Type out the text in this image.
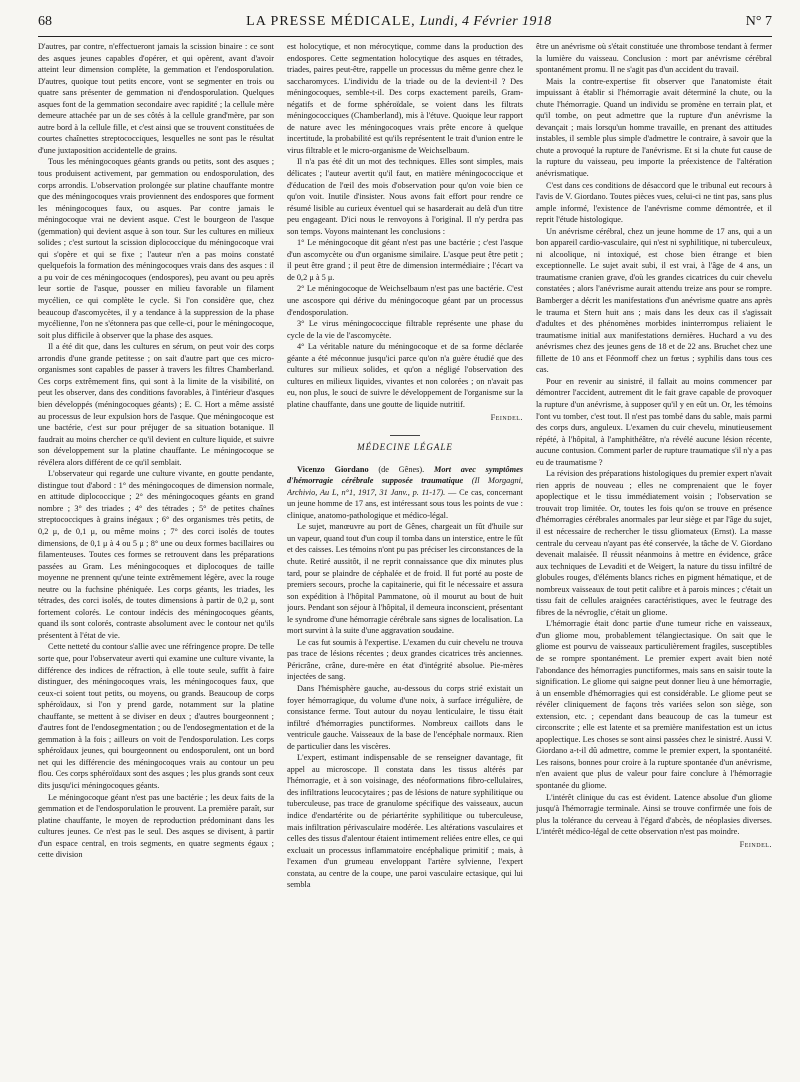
68	LA PRESSE MÉDICALE, Lundi, 4 Février 1918	N° 7

D'autres, par contre, n'effectueront jamais la scission binaire : ce sont des asques jeunes capables d'opérer, et qui opèrent, avant d'avoir atteint leur dimension complète, la gemmation et l'endosporulation. D'autres, quoique tout petits encore, vont se segmenter en trois ou quatre sans présenter de gemmation ni d'endosporulation. Quelques asques font de la gemmation secondaire avec rapidité ; la cellule mère demeure attachée par un de ses côtés à la cellule grand'mère, par son autre bord à la cellule fille, et c'est ainsi que se trouvent constituées de courtes chaînettes streptococciques, lesquelles ne sont pas le résultat d'une juxtaposition accidentelle de grains.

Tous les méningocoques géants grands ou petits, sont des asques ; tous produisent activement, par gemmation ou endosporulation, des corps arrondis. L'observation prolongée sur platine chauffante montre que des méningocoques vrais proviennent des endospores que forment les méningocoques faux, ou asques. Par contre jamais le méningocoque vrai ne devient asque. C'est le bourgeon de l'asque (gemmation) qui devient asque à son tour. Sur les cultures en milieux solides ; c'est surtout la scission diplococcique du méningocoque vrai qui s'opère et qui se fixe ; l'auteur n'en a pas moins constaté quelquefois la formation des méningocoques vrais dans des asques : il a pu voir de ces méningocoques (endospores), peu avant ou peu après leur sortie de l'asque, pousser en milieu favorable un filament mycélien, ce qui complète le cycle. Si l'on considère que, chez beaucoup d'ascomycètes, il y a tendance à la suppression de la phase mycélienne, l'on ne s'étonnera pas que celle-ci, pour le méningocoque, soit plus difficile à observer que la phase des asques.

Il a été dit que, dans les cultures en sérum, on peut voir des corps arrondis d'une grande petitesse ; on sait d'autre part que ces micro-organismes sont capables de passer à travers les filtres Chamberland. Ces corps extrêmement fins, qui sont à la limite de la visibilité, on peut les observer, dans des conditions favorables, à l'intérieur d'asques bien développés (méningocoques géants) ; E. C. Hort a même assisté au processus de leur expulsion hors de l'asque. Que méningocoque est une bactérie, c'est sur pour préjuger de sa situation botanique. Il faudrait au moins chercher ce qu'il devient en culture liquide, et suivre son développement sur la platine chauffante. Le méningocoque se révélera alors différent de ce qu'il semblait.

L'observateur qui regarde une culture vivante, en goutte pendante, distingue tout d'abord : 1° des méningocoques de dimension normale, en attitude diplococcique ; 2° des méningocoques géants en grand nombre ; 3° des triades ; 4° des tétrades ; 5° de petites chaînes streptococciques à grains inégaux ; 6° des organismes très petits, de 0,2 μ, de 0,1 μ, ou même moins ; 7° des corci isolés de toutes dimensions, de 0,1 μ à 4 ou 5 μ ; 8° une ou deux formes bacillaires ou filamenteuses. Toutes ces formes se retrouvent dans les préparations passées au Gram. Les méningocoques et diplocoques de taille moyenne ne prennent qu'une teinte extrêmement légère, avec la rouge neutre ou la fuchsine phéniquée. Les corps géants, les triades, les tétrades, des corci isolés, de toutes dimensions à partir de 0,2 μ, sont fortement colorés. Le contour indécis des méningocoques géants, quand ils sont colorés, contraste absolument avec le contour net qu'ils présentent à l'état de vie.

Cette netteté du contour s'allie avec une réfringence propre. De telle sorte que, pour l'observateur averti qui examine une culture vivante, la différence des indices de réfraction, à elle toute seule, suffit à faire distinguer, des méningocoques vrais, les méningocoques faux, que ceux-ci soient tout petits, ou moyens, ou grands. Beaucoup de corps sphéroïdaux, si l'on y prend garde, notamment sur la platine chauffante, se mettent à se diviser en deux ; d'autres bourgeonnent ; d'autres font de l'endosegmentation ; ou de l'endosegmentation et de la gemmation à la fois ; ailleurs on voit de l'endosporulation. Les corps sphéroïdaux jeunes, qui bourgeonnent ou endosporulent, ont un bord net qui les différencie des méningocoques vrais au contour un peu flou. Ces corps sphéroïdaux sont des asques ; les plus grands sont ceux dits jusqu'ici méningocoques géants.

Le méningocoque géant n'est pas une bactérie ; les deux faits de la gemmation et de l'endosporulation le prouvent. La première paraît, sur platine chauffante, le moyen de reproduction prédominant dans les cultures jeunes. Ce n'est pas le seul. Des asques se divisent, à partir d'un espace central, en trois segments, en quatre segments égaux ; cette division

est holocytique, et non mérocytique, comme dans la production des endospores. Cette segmentation holocytique des asques en tétrades, triades, paires peut-être, rappelle un processus du même genre chez le saccharomyces. L'individu de la triade ou de la devient-il ? Des méningocoques, semble-t-il. Des corps exactement pareils, Gram-négatifs et de forme sphéroïdale, se voient dans les filtrats méningococciques (Chamberland), mis à l'étuve. Quoique leur rapport de nature avec les méningocoques vrais prête encore à quelque incertitude, la probabilité est qu'ils représentent le trait d'union entre le virus filtrable et le micro-organisme de Weichselbaum.

Il n'a pas été dit un mot des techniques. Elles sont simples, mais délicates ; l'auteur avertit qu'il faut, en matière méningococcique et d'éducation de l'œil des mois d'observation pour qu'on voie bien ce qu'on voit. Inutile d'insister. Nous avons fait effort pour rendre ce résumé lisible au curieux éventuel qui se hasarderait au delà d'un titre peu engageant. D'ici nous le renvoyons à l'original. Il n'y perdra pas son temps. Voyons maintenant les conclusions :

1° Le méningocoque dit géant n'est pas une bactérie ; c'est l'asque d'un ascomycète ou d'un organisme similaire. L'asque peut être petit ; il peut être grand ; il peut être de dimension intermédiaire ; l'écart va de 0,2 μ à 5 μ.

2° Le méningocoque de Weichselbaum n'est pas une bactérie. C'est une ascospore qui dérive du méningocoque géant par un processus d'endosporulation.

3° Le virus méningococcique filtrable représente une phase du cycle de la vie de l'ascomycète.

4° La véritable nature du méningocoque et de sa forme déclarée géante a été méconnue jusqu'ici parce qu'on n'a guère étudié que des cultures sur milieux solides, et qu'on a négligé l'observation des cultures en milieux liquides, vivantes et non colorées ; on n'avait pas eu, non plus, le souci de suivre le développement de l'organisme sur la platine chauffante, dans une goutte de liquide nutritif.

Feindel.
MÉDECINE LÉGALE

Vicenzo Giordano (de Gênes). Mort avec symptômes d'hémorragie cérébrale supposée traumatique (Il Morgagni, Archivio, Au L, n°1, 1917, 31 Janv., p. 11-17). — Ce cas, concernant un jeune homme de 17 ans, est intéressant sous tous les points de vue : clinique, anatomo-pathologique et médico-légal.

Le sujet, manœuvre au port de Gênes, chargeait un fût d'huile sur un vapeur, quand tout d'un coup il tomba dans un interstice, entre le fût et des caisses. Les témoins n'ont pu pas préciser les circonstances de la chute. Retiré aussitôt, il ne reprit connaissance que dix minutes plus tard, pour se plaindre de céphalée et de froid. Il fut porté au poste de premiers secours, proche la capitainerie, qui fit le nécessaire et assura son expédition à l'hôpital Pammatone, où il mourut au bout de huit jours. Pendant son séjour à l'hôpital, il demeura inconscient, présentant le syndrome d'une hémorragie cérébrale sans signes de localisation. La mort survint à la suite d'une aggravation soudaine.

Le cas fut soumis à l'expertise. L'examen du cuir chevelu ne trouva pas trace de lésions récentes ; deux grandes cicatrices très anciennes. Péricrâne, crâne, dure-mère en état d'intégrité absolue. Pie-mères injectées de sang.

Dans l'hémisphère gauche, au-dessous du corps strié existait un foyer hémorragique, du volume d'une noix, à surface irrégulière, de consistance ferme. Tout autour du noyau lenticulaire, le tissu était infiltré d'hémorragies punctiformes. Nombreux caillots dans le ventricule gauche. Vaisseaux de la base de l'encéphale normaux. Rien de particulier dans les viscères.

L'expert, estimant indispensable de se renseigner davantage, fit appel au microscope. Il constata dans les tissus altérés par l'hémorragie, et à son voisinage, des néoformations fibro-cellulaires, des infiltrations leucocytaires ; pas de lésions de nature syphilitique ou tuberculeuse, pas trace de granulome spécifique des vaisseaux, aucun indice d'endartérite ou de périartérite syphilitique ou tuberculeuse, mais infiltration périvasculaire modérée. Les altérations vasculaires et celles des tissus d'alentour étaient intimement reliées entre elles, ce qui excluait un processus inflammatoire encéphalique primitif ; mais, à l'examen d'un grumeau enveloppant l'artère sylvienne, l'expert constata, au centre de la coupe, une paroi vasculaire ectasique, qui lui sembla

être un anévrisme où s'était constituée une thrombose tendant à fermer la lumière du vaisseau. Conclusion : mort par anévrisme cérébral spontanément promu. Il ne s'agit pas d'un accident du travail.

Mais la contre-expertise fit observer que l'anatomiste était impuissant à établir si l'hémorragie avait déterminé la chute, ou la chute l'hémorragie. Quand un individu se promène en terrain plat, et qu'il tombe, on peut admettre que la rupture d'un anévrisme la devançait ; mais lorsqu'un homme travaille, en prenant des attitudes instables, il semble plus simple d'admettre le contraire, à savoir que la chute a provoqué la rupture de l'anévrisme. Et si la chute fut cause de la rupture du vaisseau, peu importe la préexistence de l'altération anévrismatique.

C'est dans ces conditions de désaccord que le tribunal eut recours à l'avis de V. Giordano. Toutes pièces vues, celui-ci ne tint pas, sans plus ample informé, l'existence de l'anévrisme comme démontrée, et il reprit l'étude histologique.

Un anévrisme cérébral, chez un jeune homme de 17 ans, qui a un bon appareil cardio-vasculaire, qui n'est ni syphilitique, ni tuberculeux, ni alcoolique, ni intoxiqué, est chose bien étrange et bien exceptionnelle. Le sujet avait subi, il est vrai, à l'âge de 4 ans, un traumatisme cranien grave, d'où les grandes cicatrices du cuir chevelu constatées ; alors l'anévrisme aurait attendu treize ans pour se rompre. Bamberger a décrit les manifestations d'un anévrisme quatre ans après le trauma et Stern huit ans ; mais dans les deux cas il s'agissait d'adultes et des phénomènes morbides ininterrompus reliaient le traumatisme initial aux manifestations dernières. Huchard a vu des anévrismes chez des jeunes gens de 18 et de 22 ans. Bruchet chez une fillette de 10 ans et Féonmoff chez un fœtus ; syphilis dans tous ces cas.

Pour en revenir au sinistré, il fallait au moins commencer par démontrer l'accident, autrement dit le fait grave capable de provoquer la rupture d'un anévrisme, à supposer qu'il y en eût un. Or, les témoins l'ont vu tomber, c'est tout. Il n'est pas tombé dans du sable, mais parmi des corps durs, anguleux. L'examen du cuir chevelu, minutieusement répété, à l'hôpital, à l'amphithéâtre, n'a révélé aucune lésion récente, aucune contusion. Comment parler de rupture traumatique s'il n'y a pas eu de traumatisme ?

La révision des préparations histologiques du premier expert n'avait rien appris de nouveau ; elles ne comprenaient que le foyer apoplectique et le tissu immédiatement voisin ; l'observation se trouvait trop limitée. Or, toutes les fois qu'on se trouve en présence d'hémorragies cérébrales anormales par leur siège et par l'âge du sujet, il est nécessaire de rechercher le tissu gliomateux (Ernst). La masse centrale du cerveau n'ayant pas été conservée, la tâche de V. Giordano devenait malaisée. Il réussit néanmoins à mettre en évidence, grâce aux techniques de Levaditi et de Weigert, la nature du tissu infiltré de globules rouges, d'éléments blancs riches en pigment hématique, et de nombreux vaisseaux de tout petit calibre et à parois minces ; c'était un tissu fait de cellules araignées caractéristiques, avec le feutrage des fibres de la névroglie, c'était un gliome.

L'hémorragie était donc partie d'une tumeur riche en vaisseaux, d'un gliome mou, probablement télangiectasique. On sait que le gliome est pourvu de vaisseaux particulièrement fragiles, susceptibles de se rompre spontanément. Le premier expert avait bien noté l'abondance des hémorragies punctiformes, mais sans en saisir toute la signification. Le gliome qui saigne peut donner lieu à une hémorragie, à un ensemble d'hémorragies qui est considérable. Le gliome peut se révéler cliniquement de façons très variées selon son siège, son extension, etc. ; cependant dans beaucoup de cas la tumeur est circonscrite ; elle est latente et sa première manifestation est un ictus apoplectique. Les choses se sont ainsi passées chez le sinistré. Aussi V. Giordano a-t-il dû admettre, comme le premier expert, la spontanéité. Les raisons, bonnes pour croire à la rupture spontanée d'un anévrisme, n'en avaient que plus de valeur pour faire conclure à l'hémorragie spontanée du gliome.

L'intérêt clinique du cas est évident. Latence absolue d'un gliome jusqu'à l'hémorragie terminale. Ainsi se trouve confirmée une fois de plus la tolérance du cerveau à l'égard d'abcès, de néoplasies diverses. L'intérêt médico-légal de cette observation n'est pas moindre.

Feindel.
